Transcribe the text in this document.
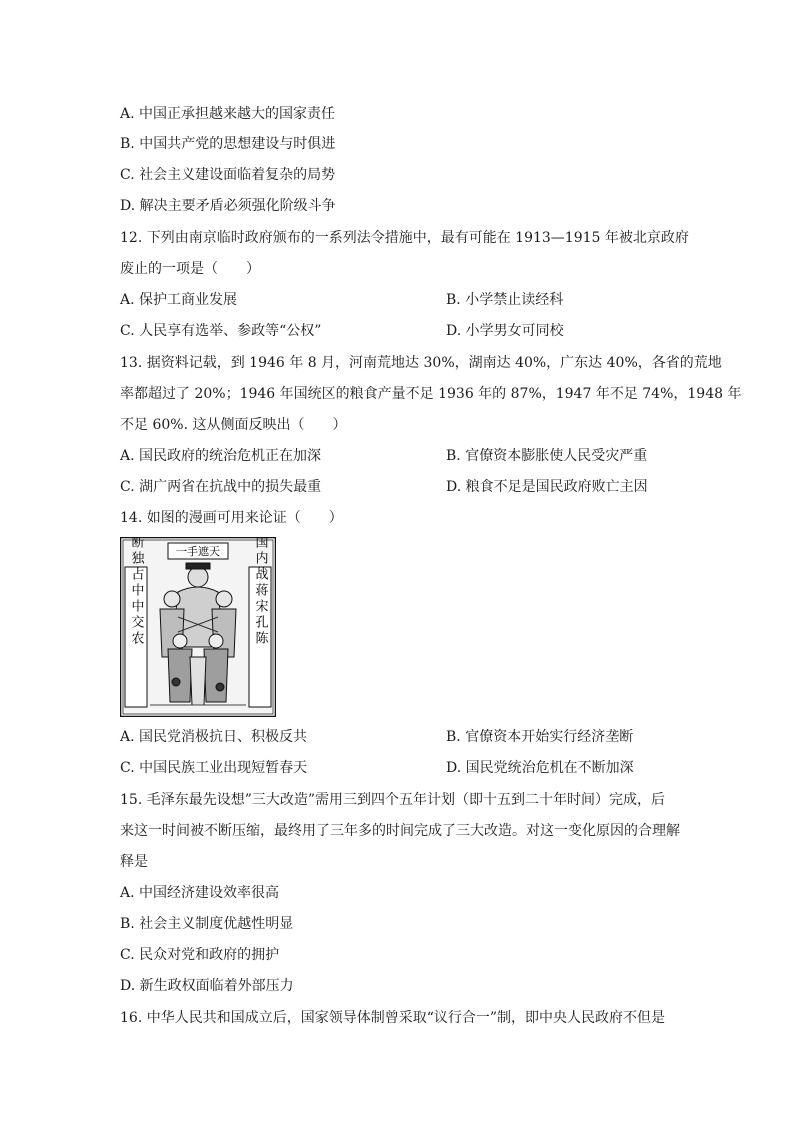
A. 中国正承担越来越大的国家责任
B. 中国共产党的思想建设与时俱进
C. 社会主义建设面临着复杂的局势
D. 解决主要矛盾必须强化阶级斗争
12. 下列由南京临时政府颁布的一系列法令措施中，最有可能在 1913—1915 年被北京政府
废止的一项是（　　）
A. 保护工商业发展	B. 小学禁止读经科
C. 人民享有选举、参政等“公权”	D. 小学男女可同校
13. 据资料记载，到 1946 年 8 月，河南荒地达 30%，湖南达 40%，广东达 40%，各省的荒地
率都超过了 20%；1946 年国统区的粮食产量不足 1936 年的 87%，1947 年不足 74%，1948 年
不足 60%. 这从侧面反映出（　　）
A. 国民政府的统治危机正在加深	B. 官僚资本膨胀使人民受灾严重
C. 湖广两省在抗战中的损失最重	D. 粮食不足是国民政府败亡主因
14. 如图的漫画可用来论证（　　）
一手遮天
垄断独占中中交农	卖国内战蒋宋孔陈
A. 国民党消极抗日、积极反共	B. 官僚资本开始实行经济垄断
C. 中国民族工业出现短暂春天	D. 国民党统治危机在不断加深
15. 毛泽东最先设想”三大改造”需用三到四个五年计划（即十五到二十年时间）完成，后
来这一时间被不断压缩，最终用了三年多的时间完成了三大改造。对这一变化原因的合理解
释是
A. 中国经济建设效率很高
B. 社会主义制度优越性明显
C. 民众对党和政府的拥护
D. 新生政权面临着外部压力
16. 中华人民共和国成立后，国家领导体制曾采取“议行合一”制，即中央人民政府不但是
